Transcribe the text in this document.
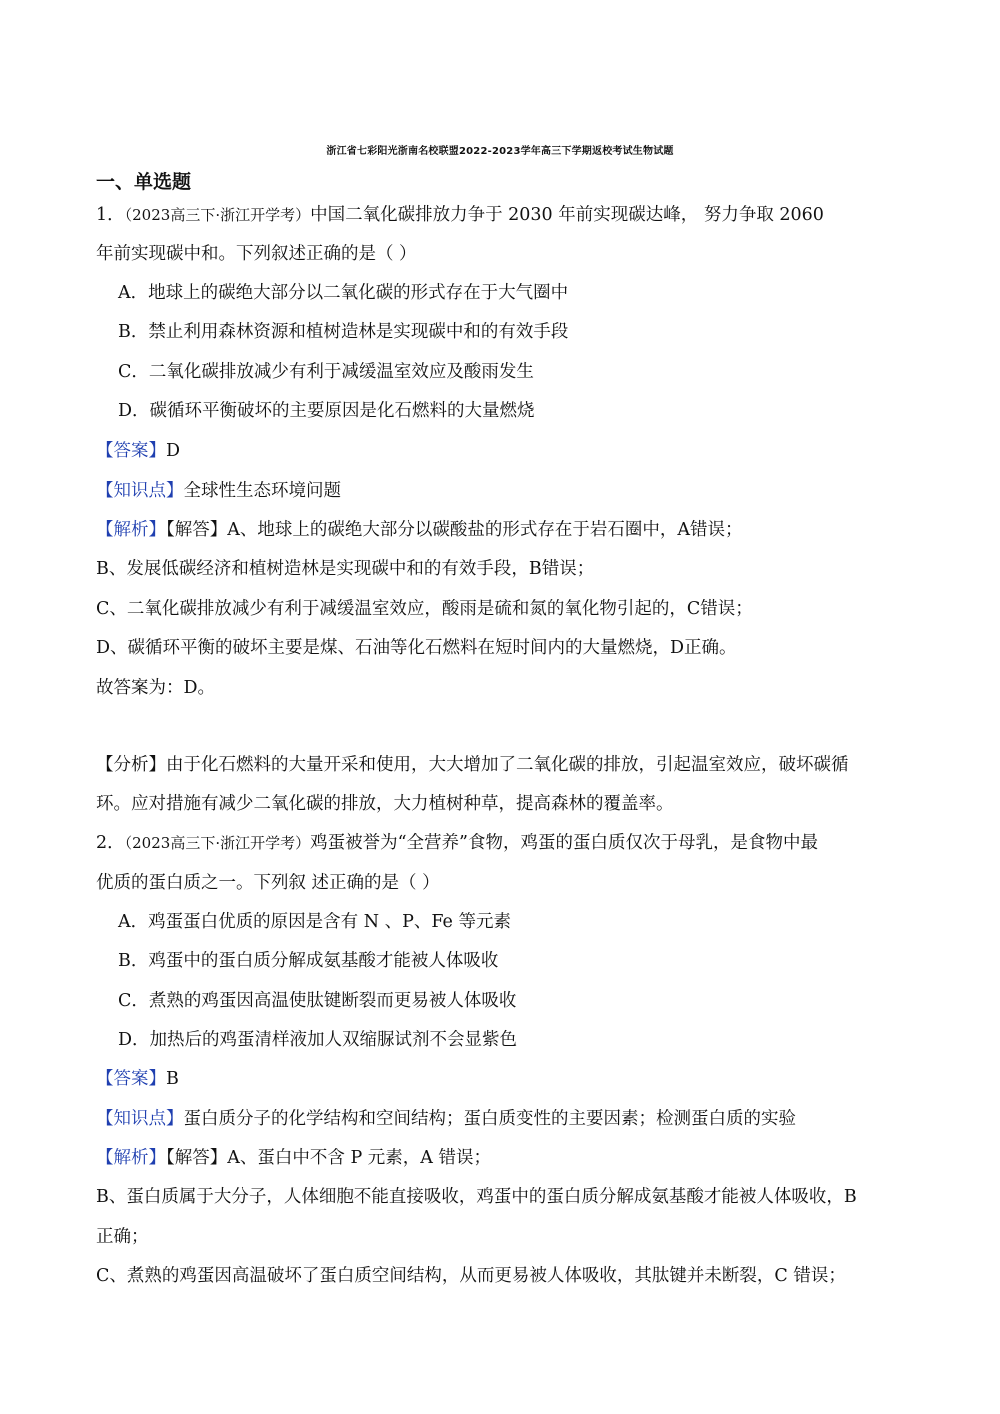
浙江省七彩阳光浙南名校联盟2022-2023学年高三下学期返校考试生物试题
一、单选题
1．（2023高三下·浙江开学考）中国二氧化碳排放力争于 2030 年前实现碳达峰， 努力争取 2060
年前实现碳中和。下列叙述正确的是（ ）
A．地球上的碳绝大部分以二氧化碳的形式存在于大气圈中
B．禁止利用森林资源和植树造林是实现碳中和的有效手段
C．二氧化碳排放减少有利于减缓温室效应及酸雨发生
D．碳循环平衡破坏的主要原因是化石燃料的大量燃烧
【答案】D
【知识点】全球性生态环境问题
【解析】【解答】A、地球上的碳绝大部分以碳酸盐的形式存在于岩石圈中，A错误；
B、发展低碳经济和植树造林是实现碳中和的有效手段，B错误；
C、二氧化碳排放减少有利于减缓温室效应，酸雨是硫和氮的氧化物引起的，C错误；
D、碳循环平衡的破坏主要是煤、石油等化石燃料在短时间内的大量燃烧，D正确。
故答案为：D。
【分析】由于化石燃料的大量开采和使用，大大增加了二氧化碳的排放，引起温室效应，破坏碳循
环。应对措施有减少二氧化碳的排放，大力植树种草，提高森林的覆盖率。
2．（2023高三下·浙江开学考）鸡蛋被誉为“全营养”食物，鸡蛋的蛋白质仅次于母乳，是食物中最
优质的蛋白质之一。下列叙 述正确的是（ ）
A．鸡蛋蛋白优质的原因是含有 N 、P、Fe 等元素
B．鸡蛋中的蛋白质分解成氨基酸才能被人体吸收
C．煮熟的鸡蛋因高温使肽键断裂而更易被人体吸收
D．加热后的鸡蛋清样液加人双缩脲试剂不会显紫色
【答案】B
【知识点】蛋白质分子的化学结构和空间结构；蛋白质变性的主要因素；检测蛋白质的实验
【解析】【解答】A、蛋白中不含 P 元素，A 错误；
B、蛋白质属于大分子，人体细胞不能直接吸收，鸡蛋中的蛋白质分解成氨基酸才能被人体吸收，B
正确；
C、煮熟的鸡蛋因高温破坏了蛋白质空间结构，从而更易被人体吸收，其肽键并未断裂，C 错误；
